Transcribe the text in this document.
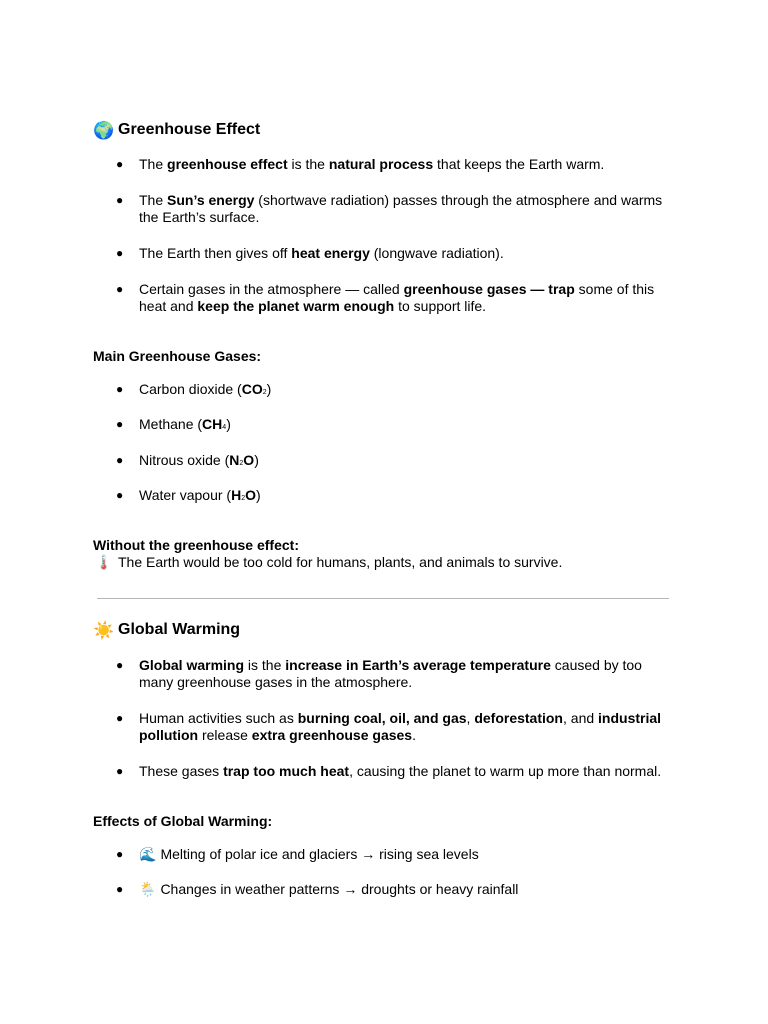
🌍 Greenhouse Effect
● The greenhouse effect is the natural process that keeps the Earth warm.
● The Sun’s energy (shortwave radiation) passes through the atmosphere and warms the Earth’s surface.
● The Earth then gives off heat energy (longwave radiation).
● Certain gases in the atmosphere — called greenhouse gases — trap some of this heat and keep the planet warm enough to support life.
Main Greenhouse Gases:
● Carbon dioxide (CO2)
● Methane (CH4)
● Nitrous oxide (N2O)
● Water vapour (H2O)
Without the greenhouse effect:
🌡️ The Earth would be too cold for humans, plants, and animals to survive.
☀️ Global Warming
● Global warming is the increase in Earth’s average temperature caused by too many greenhouse gases in the atmosphere.
● Human activities such as burning coal, oil, and gas, deforestation, and industrial pollution release extra greenhouse gases.
● These gases trap too much heat, causing the planet to warm up more than normal.
Effects of Global Warming:
● 🌊 Melting of polar ice and glaciers → rising sea levels
● 🌦️ Changes in weather patterns → droughts or heavy rainfall
